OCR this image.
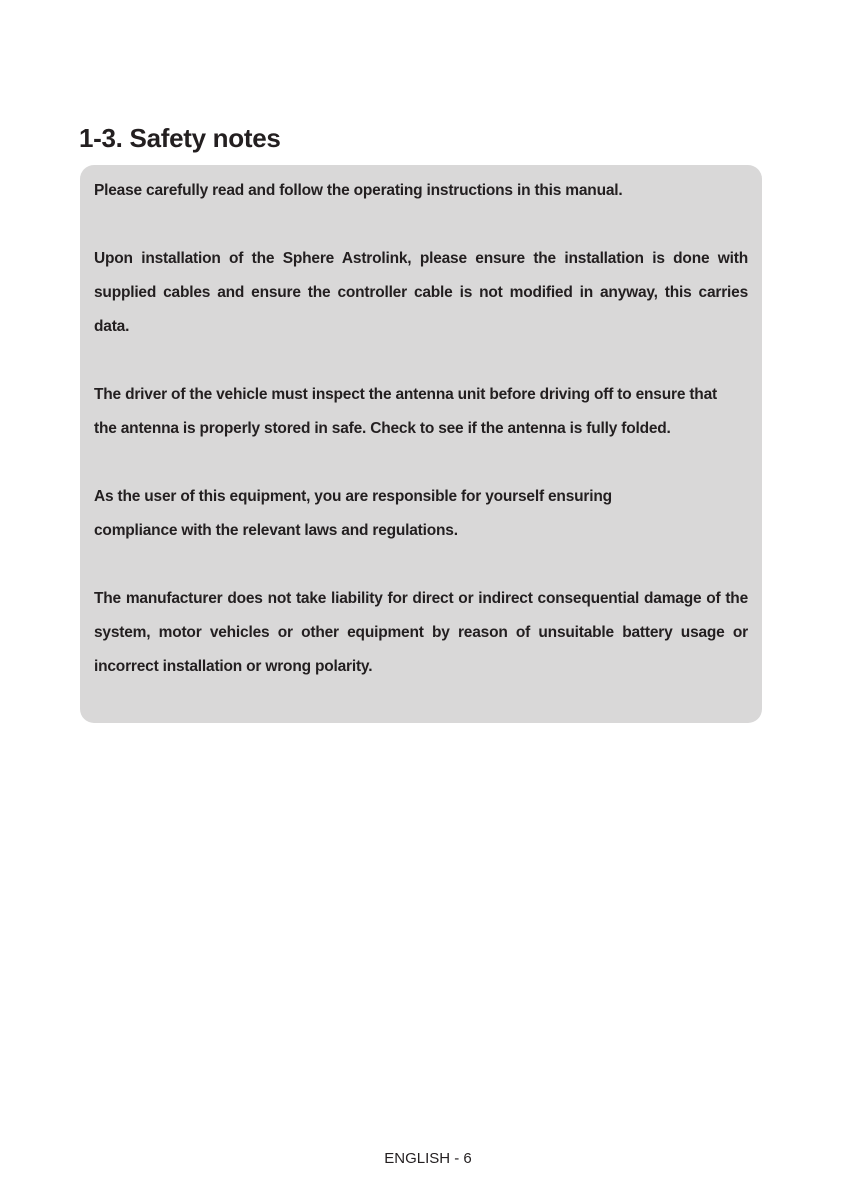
1-3. Safety notes

Please carefully read and follow the operating instructions in this manual.

Upon installation of the Sphere Astrolink, please ensure the installation is done with supplied cables and ensure the controller cable is not modified in anyway, this carries data.

The driver of the vehicle must inspect the antenna unit before driving off to ensure that the antenna is properly stored in safe. Check to see if the antenna is fully folded.

As the user of this equipment, you are responsible for yourself ensuring compliance with the relevant laws and regulations.

The manufacturer does not take liability for direct or indirect consequential damage of the system, motor vehicles or other equipment by reason of unsuitable battery usage or incorrect installation or wrong polarity.

ENGLISH - 6
